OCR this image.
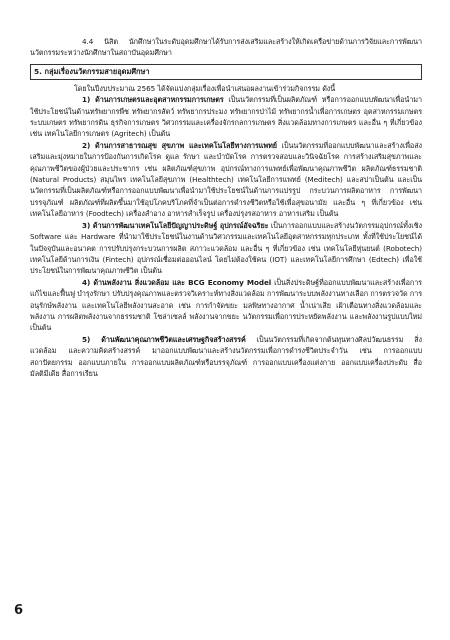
4.4 นิสิต นักศึกษาในระดับอุดมศึกษาได้รับการส่งเสริมและสร้างให้เกิดเครือข่ายด้านการวิจัยและการพัฒนานวัตกรรมระหว่างนักศึกษาในสถาบันอุดมศึกษา

5. กลุ่มเรื่องนวัตกรรมสายอุดมศึกษา

โดยในปีงบประมาณ 2565 ได้จัดแบ่งกลุ่มเรื่องเพื่อนำเสนอผลงานเข้าร่วมกิจกรรม ดังนี้

1) ด้านการเกษตรและอุตสาหกรรมการเกษตร เป็นนวัตกรรมที่เป็นผลิตภัณฑ์ หรือการออกแบบพัฒนาเพื่อนำมาใช้ประโยชน์ในด้านทรัพยากรพืช ทรัพยากรสัตว์ ทรัพยากรประมง ทรัพยากรป่าไม้ ทรัพยากรน้ำเพื่อการเกษตร อุตสาหกรรมเกษตร ระบบเกษตร ทรัพยากรดิน ธุรกิจการเกษตร วิศวกรรมและเครื่องจักรกลการเกษตร สิ่งแวดล้อมทางการเกษตร และอื่น ๆ ที่เกี่ยวข้อง เช่น เทคโนโลยีการเกษตร (Agritech) เป็นต้น

2) ด้านการสาธารณสุข สุขภาพ และเทคโนโลยีทางการแพทย์ เป็นนวัตกรรมที่ออกแบบพัฒนาและสร้างเพื่อส่งเสริมและมุ่งหมายในการป้องกันการเกิดโรค ดูแล รักษา และบำบัดโรค การตรวจสอบและวินิจฉัยโรค การสร้างเสริมสุขภาพและคุณภาพชีวิตของผู้ป่วยและประชากร เช่น ผลิตภัณฑ์สุขภาพ อุปกรณ์ทางการแพทย์เพื่อพัฒนาคุณภาพชีวิต ผลิตภัณฑ์ธรรมชาติ (Natural Products) สมุนไพร เทคโนโลยีสุขภาพ (Healthtech) เทคโนโลยีการแพทย์ (Meditech) และสปาเป็นต้น และเป็นนวัตกรรมที่เป็นผลิตภัณฑ์หรือการออกแบบพัฒนาเพื่อนำมาใช้ประโยชน์ในด้านการแปรรูป กระบวนการผลิตอาหาร การพัฒนาบรรจุภัณฑ์ ผลิตภัณฑ์ที่ผลิตขึ้นมาใช้อุปโภคบริโภคที่จำเป็นต่อการดำรงชีวิตหรือใช้เพื่อสุขอนามัย และอื่น ๆ ที่เกี่ยวข้อง เช่น เทคโนโลยีอาหาร (Foodtech) เครื่องสำอาง อาหารสำเร็จรูป เครื่องปรุงรสอาหาร อาหารเสริม เป็นต้น

3) ด้านการพัฒนาเทคโนโลยีปัญญาประดิษฐ์ อุปกรณ์อัจฉริยะ เป็นการออกแบบและสร้างนวัตกรรมอุปกรณ์ทั้งเชิง Software และ Hardware ที่นำมาใช้ประโยชน์ในงานด้านวิศวกรรมและเทคโนโลยีอุตสาหกรรมทุกประเภท ทั้งที่ใช้ประโยชน์ได้ในปัจจุบันและอนาคต การปรับปรุงกระบวนการผลิต สภาวะแวดล้อม และอื่น ๆ ที่เกี่ยวข้อง เช่น เทคโนโลยีหุ่นยนต์ (Robotech) เทคโนโลยีด้านการเงิน (Fintech) อุปกรณ์เชื่อมต่อออนไลน์ โดยไม่ต้องใช้คน (IOT) และเทคโนโลยีการศึกษา (Edtech) เพื่อใช้ประโยชน์ในการพัฒนาคุณภาพชีวิต เป็นต้น

4) ด้านพลังงาน สิ่งแวดล้อม และ BCG Economy Model เป็นสิ่งประดิษฐ์ที่ออกแบบพัฒนาและสร้างเพื่อการแก้ไขและฟื้นฟู บำรุงรักษา ปรับปรุงคุณภาพและตรวจวิเคราะห์ทางสิ่งแวดล้อม การพัฒนาระบบพลังงานทางเลือก การตรวจวัด การอนุรักษ์พลังงาน และเทคโนโลยีพลังงานสะอาด เช่น การกำจัดขยะ มลพิษทางอากาศ น้ำเน่าเสีย เฝ้าเตือนทางสิ่งแวดล้อมและพลังงาน การผลิตพลังงานจากธรรมชาติ โซล่าเซลล์ พลังงานจากขยะ นวัตกรรมเพื่อการประหยัดพลังงาน และพลังงานรูปแบบใหม่ เป็นต้น

5) ด้านพัฒนาคุณภาพชีวิตและเศรษฐกิจสร้างสรรค์ เป็นนวัตกรรมที่เกิดจากต้นทุนทางศิลปวัฒนธรรม สิ่งแวดล้อม และความคิดสร้างสรรค์ มาออกแบบพัฒนาและสร้างนวัตกรรมเพื่อการดำรงชีวิตประจำวัน เช่น การออกแบบสถาปัตยกรรม ออกแบบภายใน การออกแบบผลิตภัณฑ์หรือบรรจุภัณฑ์ การออกแบบเครื่องแต่งกาย ออกแบบเครื่องประดับ สื่อมัลติมีเดีย สื่อการเรียน

6
